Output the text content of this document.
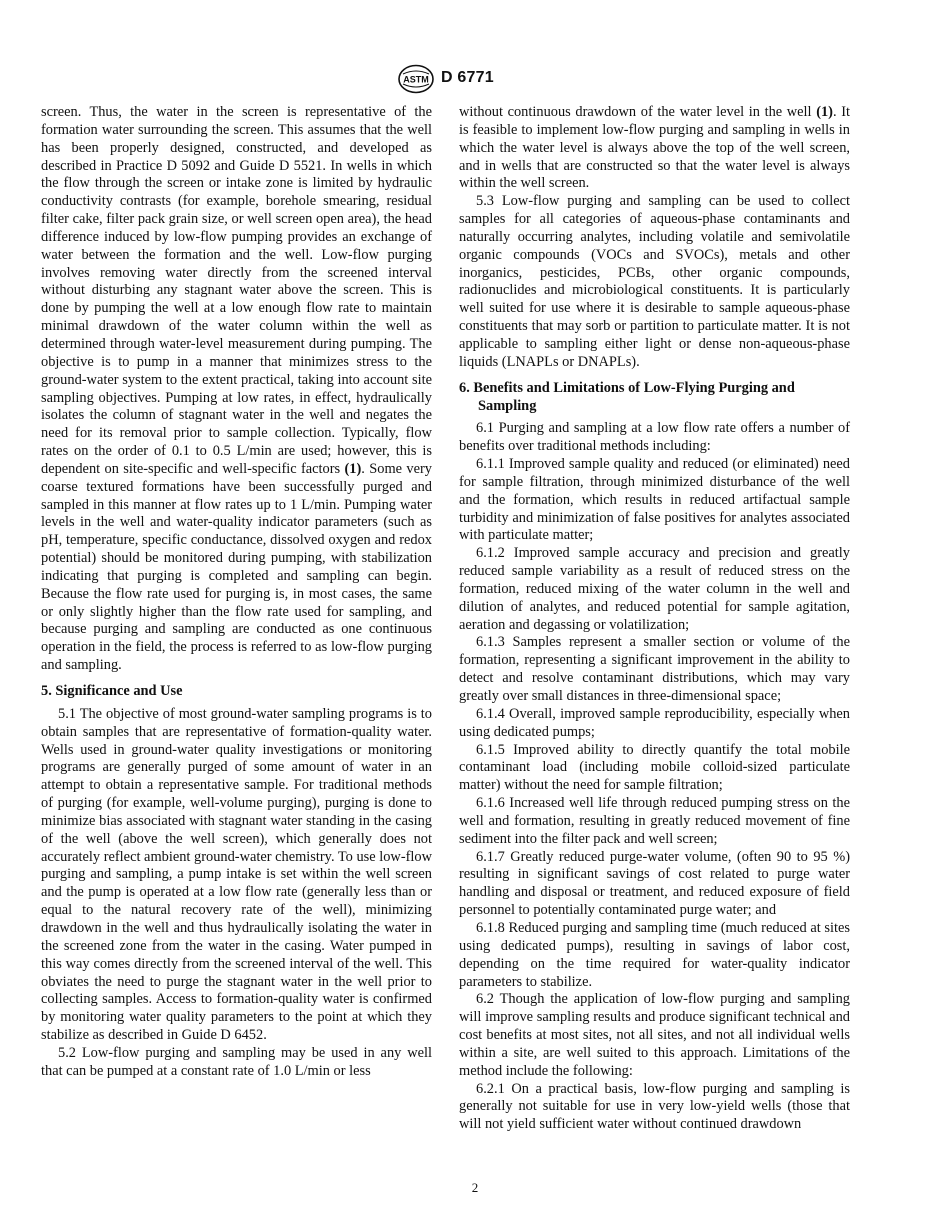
ASTM D 6771

screen. Thus, the water in the screen is representative of the formation water surrounding the screen. This assumes that the well has been properly designed, constructed, and developed as described in Practice D 5092 and Guide D 5521. In wells in which the flow through the screen or intake zone is limited by hydraulic conductivity contrasts (for example, borehole smearing, residual filter cake, filter pack grain size, or well screen open area), the head difference induced by low-flow pumping provides an exchange of water between the formation and the well. Low-flow purging involves removing water directly from the screened interval without disturbing any stagnant water above the screen. This is done by pumping the well at a low enough flow rate to maintain minimal drawdown of the water column within the well as determined through water-level measurement during pumping. The objective is to pump in a manner that minimizes stress to the ground-water system to the extent practical, taking into account site sampling objectives. Pumping at low rates, in effect, hydraulically isolates the column of stagnant water in the well and negates the need for its removal prior to sample collection. Typically, flow rates on the order of 0.1 to 0.5 L/min are used; however, this is dependent on site-specific and well-specific factors (1). Some very coarse textured formations have been successfully purged and sampled in this manner at flow rates up to 1 L/min. Pumping water levels in the well and water-quality indicator parameters (such as pH, temperature, specific conductance, dissolved oxygen and redox potential) should be monitored during pumping, with stabilization indicating that purging is completed and sampling can begin. Because the flow rate used for purging is, in most cases, the same or only slightly higher than the flow rate used for sampling, and because purging and sampling are conducted as one continuous operation in the field, the process is referred to as low-flow purging and sampling.

5. Significance and Use

5.1 The objective of most ground-water sampling programs is to obtain samples that are representative of formation-quality water. Wells used in ground-water quality investigations or monitoring programs are generally purged of some amount of water in an attempt to obtain a representative sample. For traditional methods of purging (for example, well-volume purging), purging is done to minimize bias associated with stagnant water standing in the casing of the well (above the well screen), which generally does not accurately reflect ambient ground-water chemistry. To use low-flow purging and sampling, a pump intake is set within the well screen and the pump is operated at a low flow rate (generally less than or equal to the natural recovery rate of the well), minimizing drawdown in the well and thus hydraulically isolating the water in the screened zone from the water in the casing. Water pumped in this way comes directly from the screened interval of the well. This obviates the need to purge the stagnant water in the well prior to collecting samples. Access to formation-quality water is confirmed by monitoring water quality parameters to the point at which they stabilize as described in Guide D 6452.

5.2 Low-flow purging and sampling may be used in any well that can be pumped at a constant rate of 1.0 L/min or less

without continuous drawdown of the water level in the well (1). It is feasible to implement low-flow purging and sampling in wells in which the water level is always above the top of the well screen, and in wells that are constructed so that the water level is always within the well screen.

5.3 Low-flow purging and sampling can be used to collect samples for all categories of aqueous-phase contaminants and naturally occurring analytes, including volatile and semivolatile organic compounds (VOCs and SVOCs), metals and other inorganics, pesticides, PCBs, other organic compounds, radionuclides and microbiological constituents. It is particularly well suited for use where it is desirable to sample aqueous-phase constituents that may sorb or partition to particulate matter. It is not applicable to sampling either light or dense non-aqueous-phase liquids (LNAPLs or DNAPLs).

6. Benefits and Limitations of Low-Flying Purging and Sampling

6.1 Purging and sampling at a low flow rate offers a number of benefits over traditional methods including:

6.1.1 Improved sample quality and reduced (or eliminated) need for sample filtration, through minimized disturbance of the well and the formation, which results in reduced artifactual sample turbidity and minimization of false positives for analytes associated with particulate matter;

6.1.2 Improved sample accuracy and precision and greatly reduced sample variability as a result of reduced stress on the formation, reduced mixing of the water column in the well and dilution of analytes, and reduced potential for sample agitation, aeration and degassing or volatilization;

6.1.3 Samples represent a smaller section or volume of the formation, representing a significant improvement in the ability to detect and resolve contaminant distributions, which may vary greatly over small distances in three-dimensional space;

6.1.4 Overall, improved sample reproducibility, especially when using dedicated pumps;

6.1.5 Improved ability to directly quantify the total mobile contaminant load (including mobile colloid-sized particulate matter) without the need for sample filtration;

6.1.6 Increased well life through reduced pumping stress on the well and formation, resulting in greatly reduced movement of fine sediment into the filter pack and well screen;

6.1.7 Greatly reduced purge-water volume, (often 90 to 95 %) resulting in significant savings of cost related to purge water handling and disposal or treatment, and reduced exposure of field personnel to potentially contaminated purge water; and

6.1.8 Reduced purging and sampling time (much reduced at sites using dedicated pumps), resulting in savings of labor cost, depending on the time required for water-quality indicator parameters to stabilize.

6.2 Though the application of low-flow purging and sampling will improve sampling results and produce significant technical and cost benefits at most sites, not all sites, and not all individual wells within a site, are well suited to this approach. Limitations of the method include the following:

6.2.1 On a practical basis, low-flow purging and sampling is generally not suitable for use in very low-yield wells (those that will not yield sufficient water without continued drawdown

2
